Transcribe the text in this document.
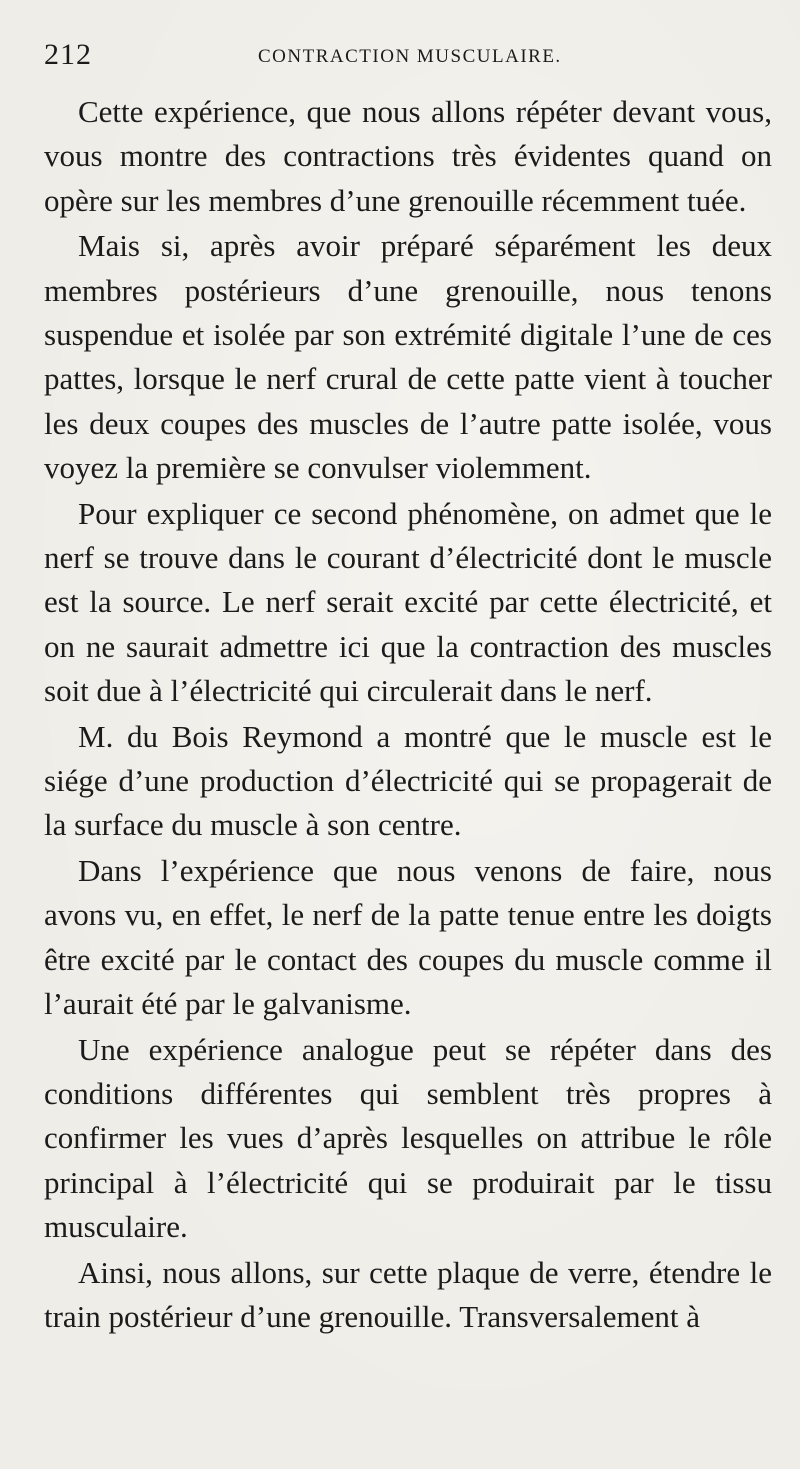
212	CONTRACTION MUSCULAIRE.

Cette expérience, que nous allons répéter devant vous, vous montre des contractions très évidentes quand on opère sur les membres d’une grenouille récemment tuée.

Mais si, après avoir préparé séparément les deux membres postérieurs d’une grenouille, nous tenons suspendue et isolée par son extrémité digitale l’une de ces pattes, lorsque le nerf crural de cette patte vient à toucher les deux coupes des muscles de l’autre patte isolée, vous voyez la première se convulser violemment.

Pour expliquer ce second phénomène, on admet que le nerf se trouve dans le courant d’électricité dont le muscle est la source. Le nerf serait excité par cette électricité, et on ne saurait admettre ici que la contraction des muscles soit due à l’électricité qui circulerait dans le nerf.

M. du Bois Reymond a montré que le muscle est le siége d’une production d’électricité qui se propagerait de la surface du muscle à son centre.

Dans l’expérience que nous venons de faire, nous avons vu, en effet, le nerf de la patte tenue entre les doigts être excité par le contact des coupes du muscle comme il l’aurait été par le galvanisme.

Une expérience analogue peut se répéter dans des conditions différentes qui semblent très propres à confirmer les vues d’après lesquelles on attribue le rôle principal à l’électricité qui se produirait par le tissu musculaire.

Ainsi, nous allons, sur cette plaque de verre, étendre le train postérieur d’une grenouille. Transversalement à
